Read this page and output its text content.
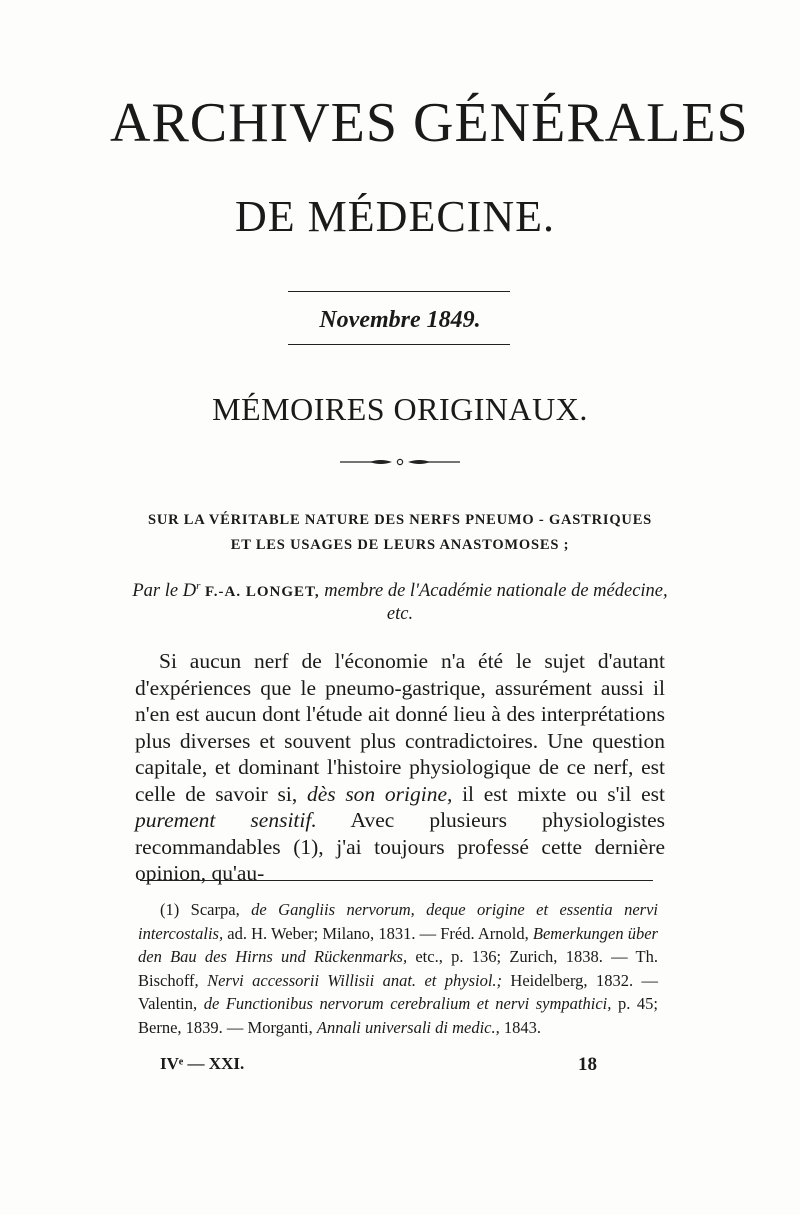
ARCHIVES GÉNÉRALES
DE MÉDECINE.
Novembre 1849.
MÉMOIRES ORIGINAUX.
SUR LA VÉRITABLE NATURE DES NERFS PNEUMO - GASTRIQUES
ET LES USAGES DE LEURS ANASTOMOSES ;
Par le $D^r$ F.-A. LONGET, membre de l'Académie nationale de médecine, etc.

Si aucun nerf de l'économie n'a été le sujet d'autant d'expériences que le pneumo-gastrique, assurément aussi il n'en est aucun dont l'étude ait donné lieu à des interprétations plus diverses et souvent plus contradictoires. Une question capitale, et dominant l'histoire physiologique de ce nerf, est celle de savoir si, dès son origine, il est mixte ou s'il est purement sensitif. Avec plusieurs physiologistes recommandables (1), j'ai toujours professé cette dernière opinion, qu'au-

(1) Scarpa, de Gangliis nervorum, deque origine et essentia nervi intercostalis, ad. H. Weber; Milano, 1831. — Fréd. Arnold, Bemerkungen über den Bau des Hirns und Rückenmarks, etc., p. 136; Zurich, 1838. — Th. Bischoff, Nervi accessorii Willisii anat. et physiol.; Heidelberg, 1832. — Valentin, de Functionibus nervorum cerebralium et nervi sympathici, p. 45; Berne, 1839. — Morganti, Annali universali di medic., 1843.

IVᵉ — XXI.	18
